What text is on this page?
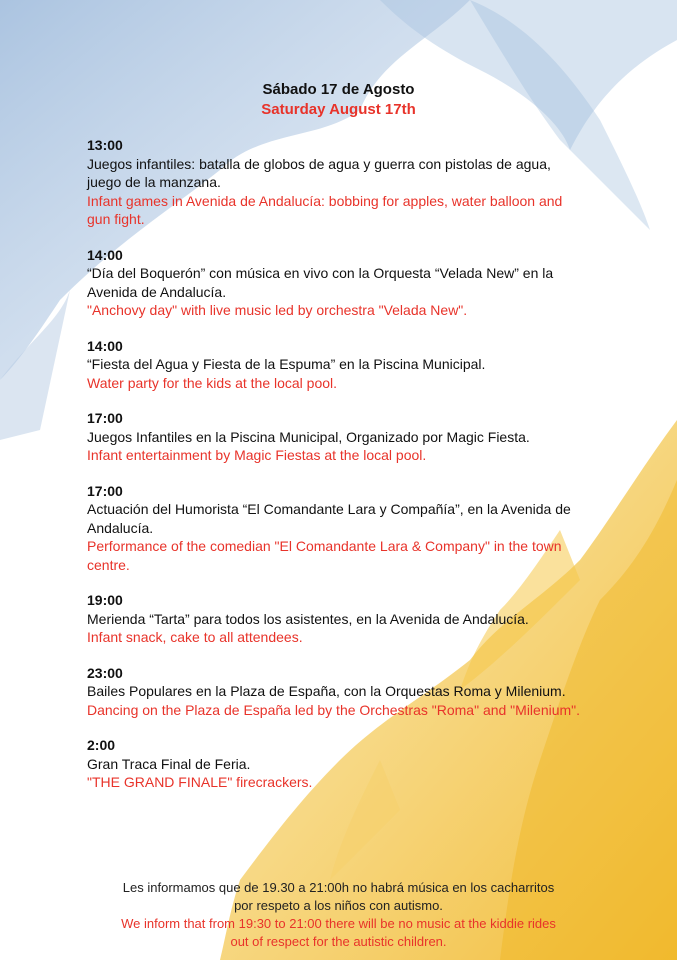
Sábado 17 de Agosto
Saturday August 17th
13:00
Juegos infantiles: batalla de globos de agua y guerra con pistolas de agua, juego de la manzana.
Infant games in Avenida de Andalucía: bobbing for apples, water balloon and gun fight.
14:00
“Día del Boquerón” con música en vivo con la Orquesta “Velada New” en la Avenida de Andalucía.
"Anchovy day" with live music led by orchestra "Velada New".
14:00
“Fiesta del Agua y Fiesta de la Espuma” en la Piscina Municipal.
Water party for the kids at the local pool.
17:00
Juegos Infantiles en la Piscina Municipal, Organizado por Magic Fiesta.
Infant entertainment by Magic Fiestas at the local pool.
17:00
Actuación del Humorista “El Comandante Lara y Compañía”, en la Avenida de Andalucía.
Performance of the comedian "El Comandante Lara & Company" in the town centre.
19:00
Merienda “Tarta” para todos los asistentes, en la Avenida de Andalucía.
Infant snack, cake to all attendees.
23:00
Bailes Populares en la Plaza de España, con la Orquestas Roma y Milenium.
Dancing on the Plaza de España led by the Orchestras "Roma" and "Milenium".
2:00
Gran Traca Final de Feria.
"THE GRAND FINALE" firecrackers.
Les informamos que de 19.30 a 21:00h no habrá música en los cacharritos
por respeto a los niños con autismo.
We inform that from 19:30 to 21:00 there will be no music at the kiddie rides
out of respect for the autistic children.
